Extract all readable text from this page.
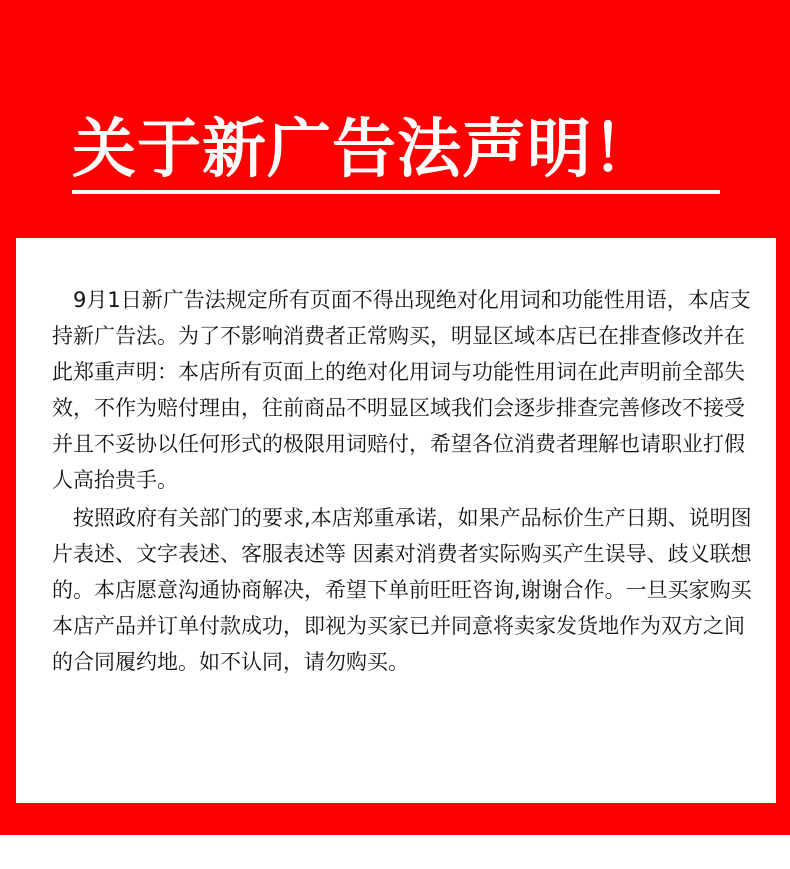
关于新广告法声明！

9月1日新广告法规定所有页面不得出现绝对化用词和功能性用语，本店支持新广告法。为了不影响消费者正常购买，明显区域本店已在排查修改并在此郑重声明：本店所有页面上的绝对化用词与功能性用词在此声明前全部失效，不作为赔付理由，往前商品不明显区域我们会逐步排查完善修改不接受并且不妥协以任何形式的极限用词赔付，希望各位消费者理解也请职业打假人高抬贵手。

按照政府有关部门的要求,本店郑重承诺，如果产品标价生产日期、说明图片表述、文字表述、客服表述等 因素对消费者实际购买产生误导、歧义联想的。本店愿意沟通协商解决，希望下单前旺旺咨询,谢谢合作。一旦买家购买本店产品并订单付款成功，即视为买家已并同意将卖家发货地作为双方之间的合同履约地。如不认同，请勿购买。
